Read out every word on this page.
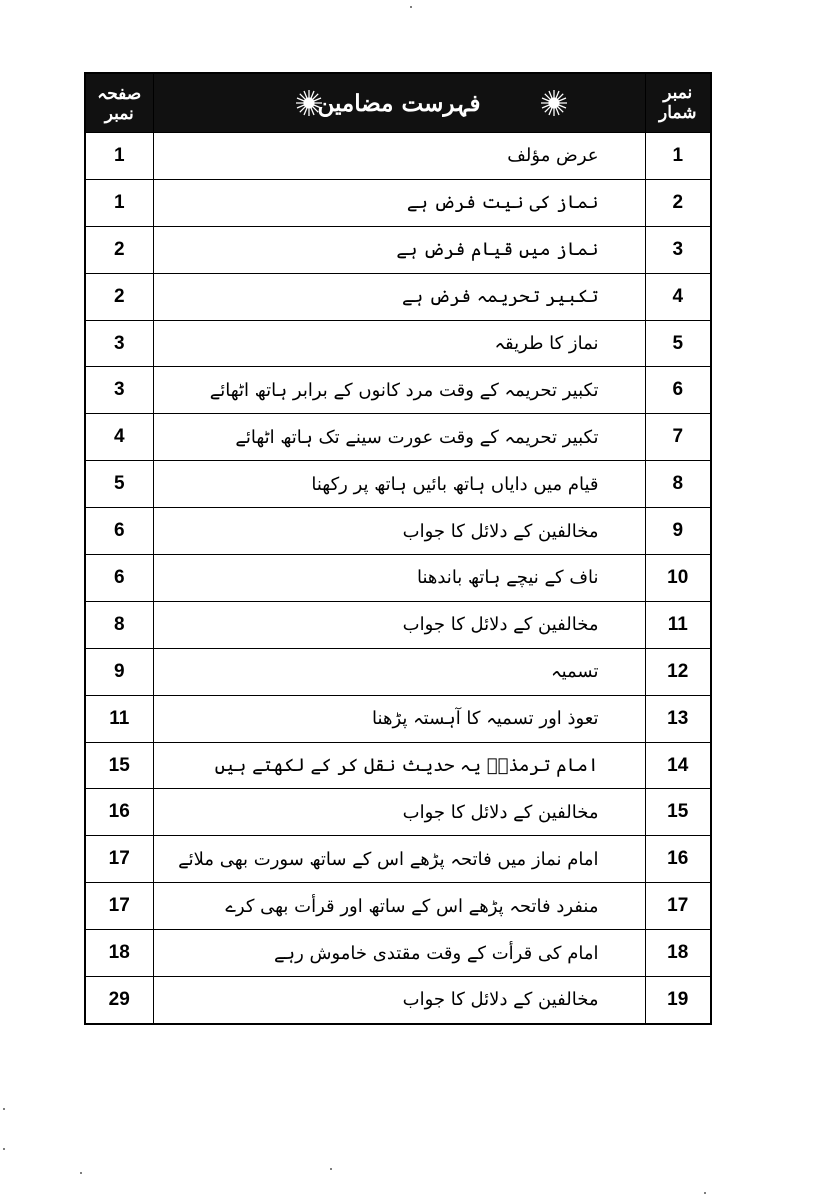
صفحہ نمبر	فہرست مضامین	نمبر شمار
1	عرض مؤلف	1
1	نماز کی نیت فرض ہے	2
2	نماز میں قیام فرض ہے	3
2	تکبیر تحریمہ فرض ہے	4
3	نماز کا طریقہ	5
3	تکبیر تحریمہ کے وقت مرد کانوں کے برابر ہاتھ اٹھائے	6
4	تکبیر تحریمہ کے وقت عورت سینے تک ہاتھ اٹھائے	7
5	قیام میں دایاں ہاتھ بائیں ہاتھ پر رکھنا	8
6	مخالفین کے دلائل کا جواب	9
6	ناف کے نیچے ہاتھ باندھنا	10
8	مخالفین کے دلائل کا جواب	11
9	تسمیہ	12
11	تعوذ اور تسمیہ کا آہستہ پڑھنا	13
15	امام ترمذیؒ یہ حدیث نقل کر کے لکھتے ہیں	14
16	مخالفین کے دلائل کا جواب	15
17	امام نماز میں فاتحہ پڑھے اس کے ساتھ سورت بھی ملائے	16
17	منفرد فاتحہ پڑھے اس کے ساتھ اور قرأت بھی کرے	17
18	امام کی قرأت کے وقت مقتدی خاموش رہے	18
29	مخالفین کے دلائل کا جواب	19
